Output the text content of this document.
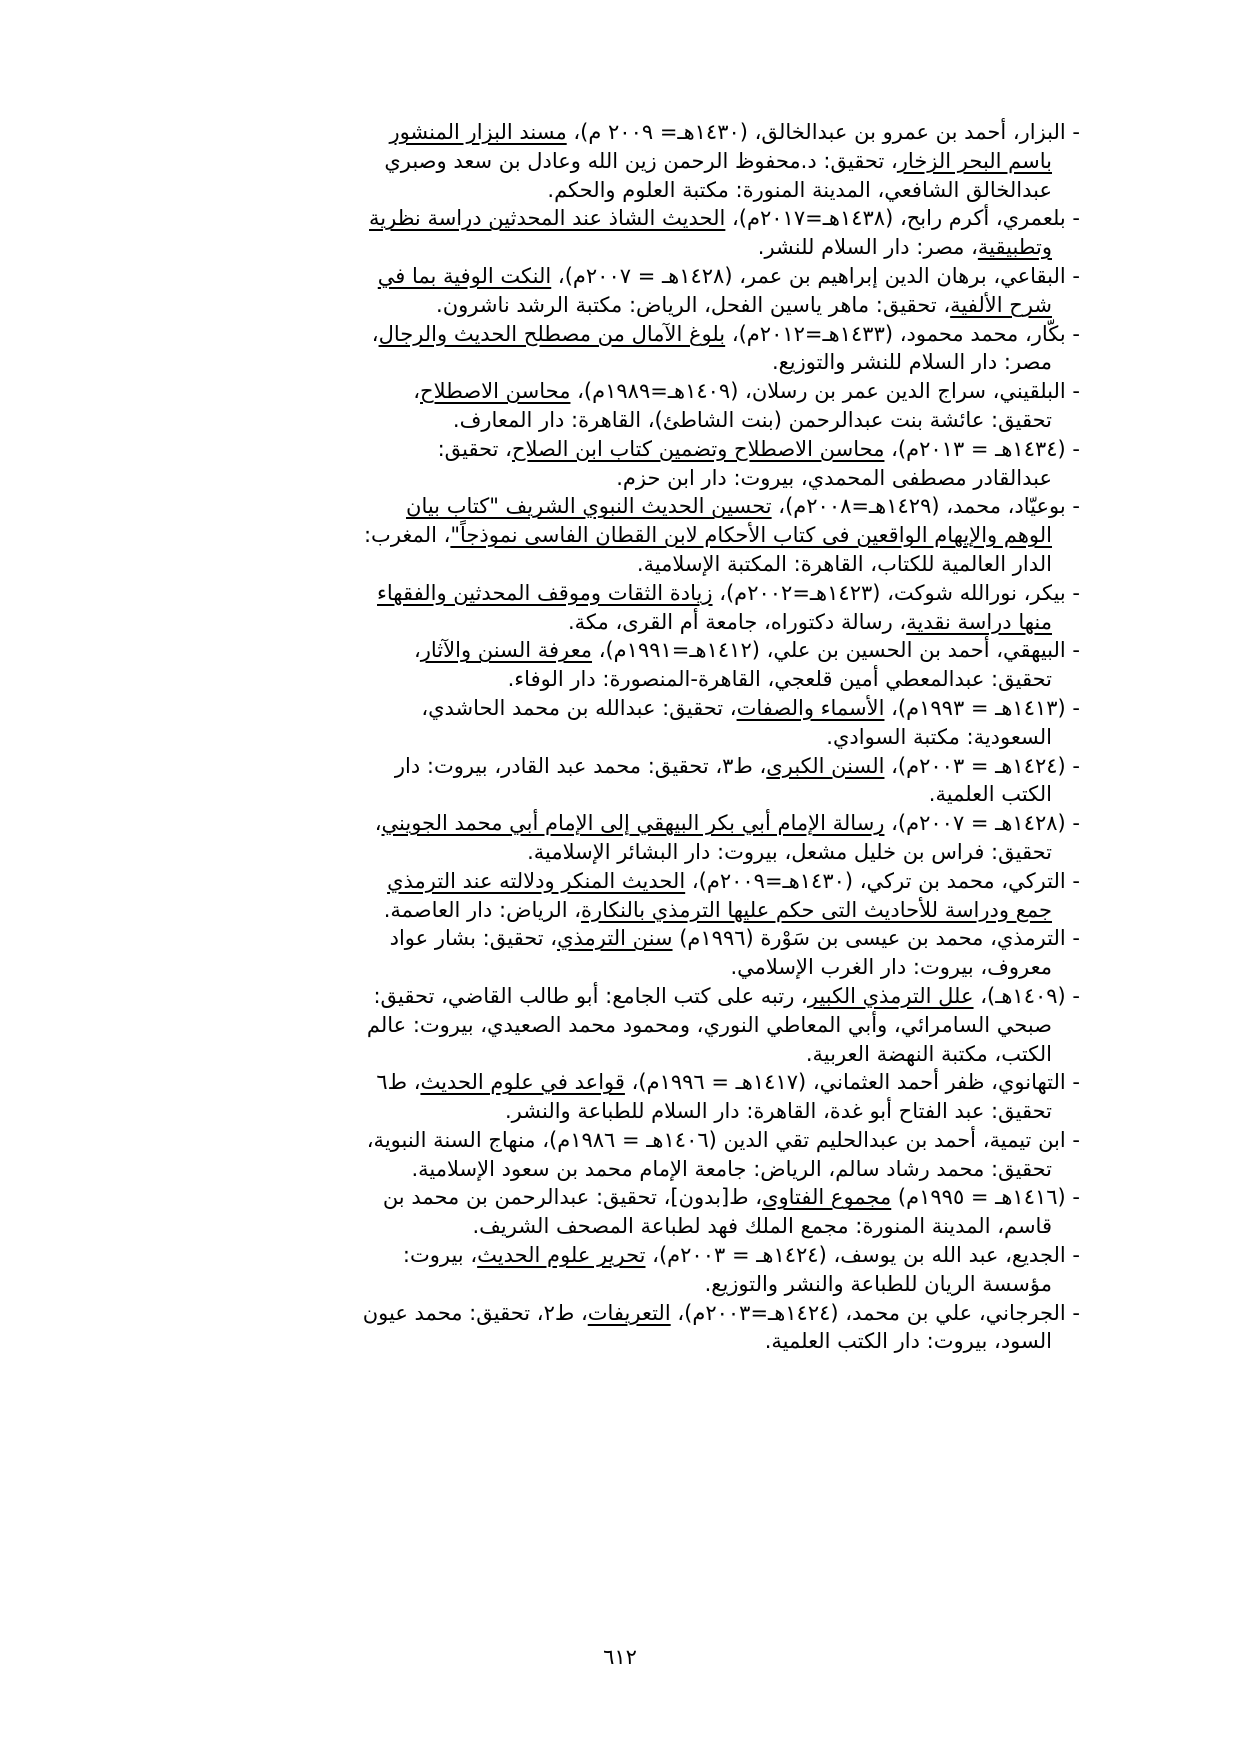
- البزار، أحمد بن عمرو بن عبدالخالق، (١٤٣٠هـ= ٢٠٠٩ م)، مسند البزار المنشور
باسم البحر الزخار، تحقيق: د.محفوظ الرحمن زين الله وعادل بن سعد وصبري
عبدالخالق الشافعي، المدينة المنورة: مكتبة العلوم والحكم.
- بلعمري، أكرم رابح، (١٤٣٨هـ=٢٠١٧م)، الحديث الشاذ عند المحدثين دراسة نظرية
وتطبيقية، مصر: دار السلام للنشر.
- البقاعي، برهان الدين إبراهيم بن عمر، (١٤٢٨هـ = ٢٠٠٧م)، النكت الوفية بما في
شرح الألفية، تحقيق: ماهر ياسين الفحل، الرياض: مكتبة الرشد ناشرون.
- بكّار، محمد محمود، (١٤٣٣هـ=٢٠١٢م)، بلوغ الآمال من مصطلح الحديث والرجال،
مصر: دار السلام للنشر والتوزيع.
- البلقيني، سراج الدين عمر بن رسلان، (١٤٠٩هـ=١٩٨٩م)، محاسن الاصطلاح،
تحقيق: عائشة بنت عبدالرحمن (بنت الشاطئ)، القاهرة: دار المعارف.
- (١٤٣٤هـ = ٢٠١٣م)، محاسن الاصطلاح وتضمين كتاب ابن الصلاح، تحقيق:
عبدالقادر مصطفى المحمدي، بيروت: دار ابن حزم.
- بوعيّاد، محمد، (١٤٢٩هـ=٢٠٠٨م)، تحسين الحديث النبوي الشريف "كتاب بيان
الوهم والإيهام الواقعين فى كتاب الأحكام لابن القطان الفاسى نموذجاً"، المغرب:
الدار العالمية للكتاب، القاهرة: المكتبة الإسلامية.
- بيكر، نورالله شوكت، (١٤٢٣هـ=٢٠٠٢م)، زيادة الثقات وموقف المحدثين والفقهاء
منها دراسة نقدية، رسالة دكتوراه، جامعة أم القرى، مكة.
- البيهقي، أحمد بن الحسين بن علي، (١٤١٢هـ=١٩٩١م)، معرفة السنن والآثار،
تحقيق: عبدالمعطي أمين قلعجي، القاهرة-المنصورة: دار الوفاء.
- (١٤١٣هـ = ١٩٩٣م)، الأسماء والصفات، تحقيق: عبدالله بن محمد الحاشدي،
السعودية: مكتبة السوادي.
- (١٤٢٤هـ = ٢٠٠٣م)، السنن الكبرى، ط٣، تحقيق: محمد عبد القادر، بيروت: دار
الكتب العلمية.
- (١٤٢٨هـ = ٢٠٠٧م)، رسالة الإمام أبي بكر البيهقي إلى الإمام أبي محمد الجويني،
تحقيق: فراس بن خليل مشعل، بيروت: دار البشائر الإسلامية.
- التركي، محمد بن تركي، (١٤٣٠هـ=٢٠٠٩م)، الحديث المنكر ودلالته عند الترمذي
جمع ودراسة للأحاديث التى حكم عليها الترمذي بالنكارة، الرياض: دار العاصمة.
- الترمذي، محمد بن عيسى بن سَوْرة (١٩٩٦م) سنن الترمذي، تحقيق: بشار عواد
معروف، بيروت: دار الغرب الإسلامي.
- (١٤٠٩هـ)، علل الترمذي الكبير، رتبه على كتب الجامع: أبو طالب القاضي، تحقيق:
صبحي السامرائي، وأبي المعاطي النوري، ومحمود محمد الصعيدي، بيروت: عالم
الكتب، مكتبة النهضة العربية.
- التهانوي، ظفر أحمد العثماني، (١٤١٧هـ = ١٩٩٦م)، قواعد في علوم الحديث، ط٦
تحقيق: عبد الفتاح أبو غدة، القاهرة: دار السلام للطباعة والنشر.
- ابن تيمية، أحمد بن عبدالحليم تقي الدين (١٤٠٦هـ = ١٩٨٦م)، منهاج السنة النبوية،
تحقيق: محمد رشاد سالم، الرياض: جامعة الإمام محمد بن سعود الإسلامية.
- (١٤١٦هـ = ١٩٩٥م) مجموع الفتاوى، ط[بدون]، تحقيق: عبدالرحمن بن محمد بن
قاسم، المدينة المنورة: مجمع الملك فهد لطباعة المصحف الشريف.
- الجديع، عبد الله بن يوسف، (١٤٢٤هـ = ٢٠٠٣م)، تحرير علوم الحديث، بيروت:
مؤسسة الريان للطباعة والنشر والتوزيع.
- الجرجاني، علي بن محمد، (١٤٢٤هـ=٢٠٠٣م)، التعريفات، ط٢، تحقيق: محمد عيون
السود، بيروت: دار الكتب العلمية.
٦١٢
